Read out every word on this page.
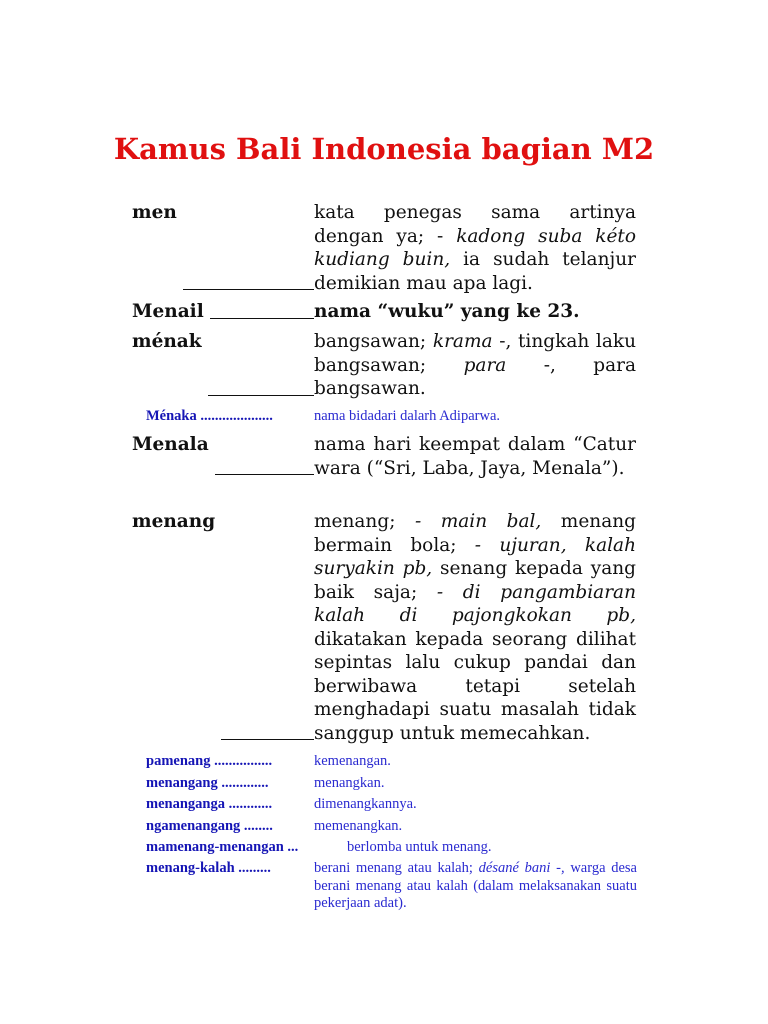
Kamus Bali Indonesia bagian M2
men	kata penegas sama artinya dengan ya; - kadong suba kéto kudiang buin, ia sudah telanjur demikian mau apa lagi.
Menail	nama “wuku” yang ke 23.
ménak	bangsawan; krama -, tingkah laku bangsawan; para -, para bangsawan.
Ménaka ....................	nama bidadari dalarh Adiparwa.
Menala	nama hari keempat dalam “Catur wara (“Sri, Laba, Jaya, Menala”).
menang	menang; - main bal, menang bermain bola; - ujuran, kalah suryakin pb, senang kepada yang baik saja; - di pangambiaran kalah di pajongkokan pb, dikatakan kepada seorang dilihat sepintas lalu cukup pandai dan berwibawa tetapi setelah menghadapi suatu masalah tidak sanggup untuk memecahkan.
pamenang ................	kemenangan.
menangang .............	menangkan.
menanganga ............	dimenangkannya.
ngamenangang ........	memenangkan.
mamenang-menangan ...	berlomba untuk menang.
menang-kalah .........	berani menang atau kalah; désané bani -, warga desa berani menang atau kalah (dalam melaksanakan suatu pekerjaan adat).
